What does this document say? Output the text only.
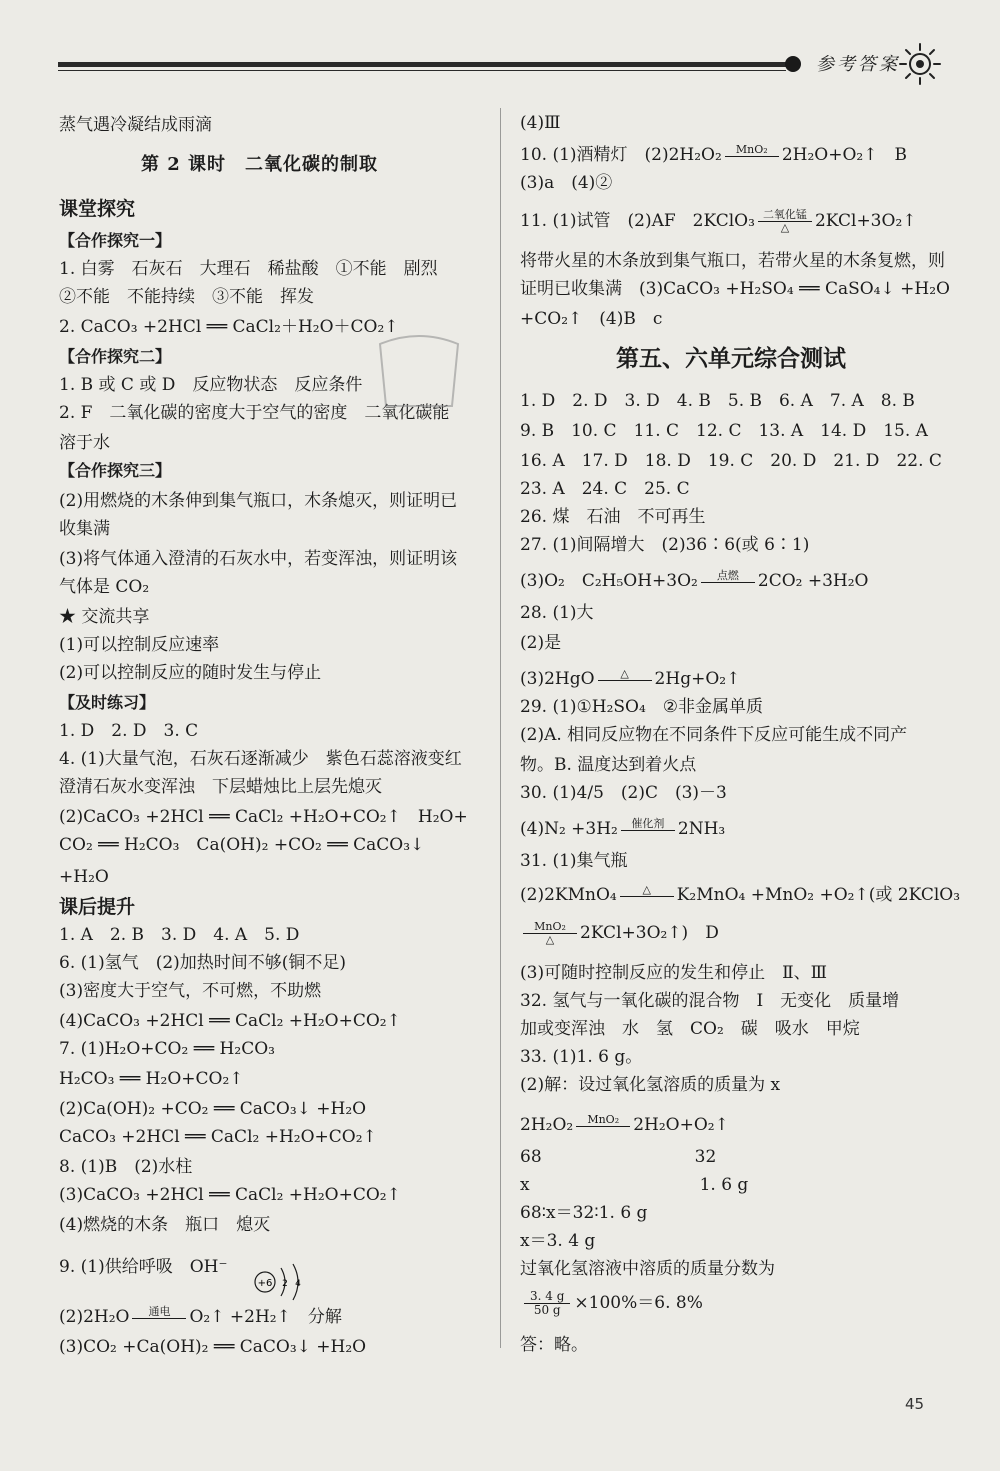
参考答案
蒸气遇冷凝结成雨滴
第 2 课时　二氧化碳的制取
课堂探究
【合作探究一】
1. 白雾　石灰石　大理石　稀盐酸　①不能　剧烈
②不能　不能持续　③不能　挥发
2. CaCO₃ +2HCl ══ CaCl₂＋H₂O＋CO₂↑
【合作探究二】
1. B 或 C 或 D　反应物状态　反应条件
2. F　二氧化碳的密度大于空气的密度　二氧化碳能
溶于水
【合作探究三】
(2)用燃烧的木条伸到集气瓶口，木条熄灭，则证明已
收集满
(3)将气体通入澄清的石灰水中，若变浑浊，则证明该
气体是 CO₂
★ 交流共享
(1)可以控制反应速率
(2)可以控制反应的随时发生与停止
【及时练习】
1. D　2. D　3. C
4. (1)大量气泡，石灰石逐渐减少　紫色石蕊溶液变红
澄清石灰水变浑浊　下层蜡烛比上层先熄灭
(2)CaCO₃ +2HCl ══ CaCl₂ +H₂O+CO₂↑　H₂O+
CO₂ ══ H₂CO₃　Ca(OH)₂ +CO₂ ══ CaCO₃↓
+H₂O
课后提升
1. A　2. B　3. D　4. A　5. D
6. (1)氢气　(2)加热时间不够(铜不足)
(3)密度大于空气，不可燃，不助燃
(4)CaCO₃ +2HCl ══ CaCl₂ +H₂O+CO₂↑
7. (1)H₂O+CO₂ ══ H₂CO₃
H₂CO₃ ══ H₂O+CO₂↑
(2)Ca(OH)₂ +CO₂ ══ CaCO₃↓ +H₂O
CaCO₃ +2HCl ══ CaCl₂ +H₂O+CO₂↑
8. (1)B　(2)水柱
(3)CaCO₃ +2HCl ══ CaCl₂ +H₂O+CO₂↑
(4)燃烧的木条　瓶口　熄灭
9. (1)供给呼吸　OH⁻
(2)2H₂O	通电	O₂↑ +2H₂↑　分解
(3)CO₂ +Ca(OH)₂ ══ CaCO₃↓ +H₂O
(4)Ⅲ
10. (1)酒精灯　(2)2H₂O₂	MnO₂ 2H₂O+O₂↑　B
(3)a　(4)②
11. (1)试管　(2)AF　2KClO₃ 二氧化锰
△	2KCl+3O₂↑
将带火星的木条放到集气瓶口，若带火星的木条复燃，则
证明已收集满　(3)CaCO₃ +H₂SO₄ ══ CaSO₄↓ +H₂O
+CO₂↑　(4)B　c
第五、六单元综合测试
1. D　2. D　3. D　4. B　5. B　6. A　7. A　8. B
9. B　10. C　11. C　12. C　13. A　14. D　15. A
16. A　17. D　18. D　19. C　20. D　21. D　22. C
23. A　24. C　25. C
26. 煤　石油　不可再生
27. (1)间隔增大　(2)36∶6(或 6∶1)
(3)O₂　C₂H₅OH+3O₂	点燃	2CO₂ +3H₂O
28. (1)大
(2)是
(3)2HgO	△	2Hg+O₂↑
29. (1)①H₂SO₄　②非金属单质
(2)A. 相同反应物在不同条件下反应可能生成不同产
物。B. 温度达到着火点
30. (1)4/5　(2)C　(3)－3
(4)N₂ +3H₂	催化剂 2NH₃
31. (1)集气瓶
(2)2KMnO₄	△	K₂MnO₄ +MnO₂ +O₂↑(或 2KClO₃
MnO₂
△	2KCl+3O₂↑)　D
(3)可随时控制反应的发生和停止　Ⅱ、Ⅲ
32. 氢气与一氧化碳的混合物　Ⅰ　无变化　质量增
加或变浑浊　水　氢　CO₂　碳　吸水　甲烷
33. (1)1. 6 g。
(2)解：设过氧化氢溶质的质量为 x
2H₂O₂	MnO₂ 2H₂O+O₂↑
68　　　　　　　　　32
x　　　　　　　　　　1. 6 g
68∶x＝32∶1. 6 g
x＝3. 4 g
过氧化氢溶液中溶质的质量分数为
$\frac{3. 4 g}{50 g} \times 100\%=6$. 8%
答：略。
+6 2 4
45
